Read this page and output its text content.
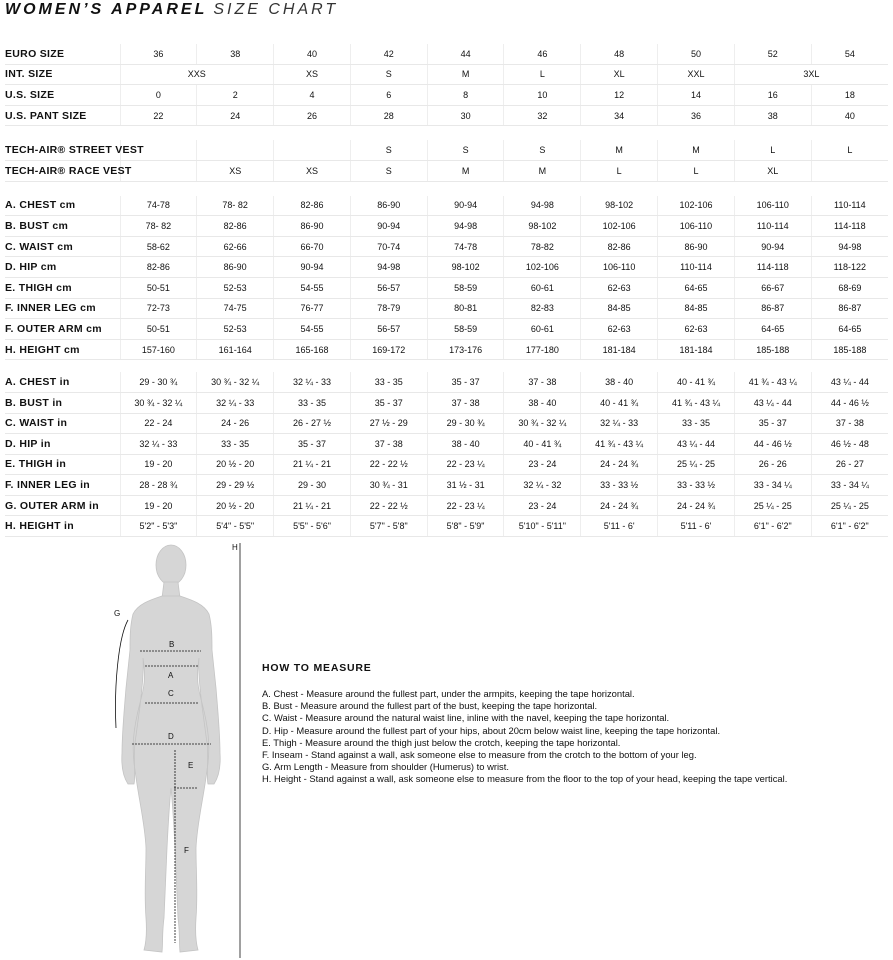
WOMEN’S APPAREL SIZE CHART
EURO SIZE	36	38	40	42	44	46	48	50	52	54
INT. SIZE	XXS		XS	S	M	L	XL	XXL	3XL	
U.S. SIZE	0	2	4	6	8	10	12	14	16	18
U.S. PANT SIZE	22	24	26	28	30	32	34	36	38	40

TECH-AIR® STREET VEST				S	S	S	M	M	L	L
TECH-AIR® RACE VEST		XS	XS	S	M	M	L	L	XL	

A. CHEST cm	74-78	78- 82	82-86	86-90	90-94	94-98	98-102	102-106	106-110	110-114
B. BUST cm	78- 82	82-86	86-90	90-94	94-98	98-102	102-106	106-110	110-114	114-118
C. WAIST cm	58-62	62-66	66-70	70-74	74-78	78-82	82-86	86-90	90-94	94-98
D. HIP cm	82-86	86-90	90-94	94-98	98-102	102-106	106-110	110-114	114-118	118-122
E. THIGH cm	50-51	52-53	54-55	56-57	58-59	60-61	62-63	64-65	66-67	68-69
F. INNER LEG cm	72-73	74-75	76-77	78-79	80-81	82-83	84-85	84-85	86-87	86-87
F. OUTER ARM cm	50-51	52-53	54-55	56-57	58-59	60-61	62-63	62-63	64-65	64-65
H. HEIGHT cm	157-160	161-164	165-168	169-172	173-176	177-180	181-184	181-184	185-188	185-188

A. CHEST in	29 - 30 ¾	30 ¾ - 32 ¼	32 ¼ - 33	33 - 35	35 - 37	37 - 38	38 - 40	40 - 41 ¾	41 ¾ - 43 ¼	43 ¼ - 44
B. BUST in	30 ¾ - 32 ¼	32 ¼ - 33	33 - 35	35 - 37	37 - 38	38 - 40	40 - 41 ¾	41 ¾ - 43 ¼	43 ¼ - 44	44 - 46 ½
C. WAIST in	22 - 24	24 - 26	26 - 27 ½	27 ½ - 29	29 - 30 ¾	30 ¾ - 32 ¼	32 ¼ - 33	33 - 35	35 - 37	37 - 38
D. HIP in	32 ¼ - 33	33 - 35	35 - 37	37 - 38	38 - 40	40 - 41 ¾	41 ¾ - 43 ¼	43 ¼ - 44	44 - 46 ½	46 ½ - 48
E. THIGH in	19 - 20	20 ½ - 20	21 ¼ - 21	22 - 22 ½	22 - 23 ¼	23 - 24	24 - 24 ¾	25 ¼ - 25	26 - 26	26 - 27
F. INNER LEG in	28 - 28 ¾	29 - 29 ½	29 - 30	30 ¾ - 31	31 ½ - 31	32 ¼ - 32	33 - 33 ½	33 - 33 ½	33 - 34 ¼	33 - 34 ¼
G. OUTER ARM in	19 - 20	20 ½ - 20	21 ¼ - 21	22 - 22 ½	22 - 23 ¼	23 - 24	24 - 24 ¾	24 - 24 ¾	25 ¼ - 25	25 ¼ - 25
H. HEIGHT in	5'2" - 5'3"	5'4" - 5'5"	5'5" - 5'6"	5'7" - 5'8"	5'8" - 5'9"	5'10" - 5'11"	5'11 - 6'	5'11 - 6'	6'1" - 6'2"	6'1" - 6'2"
B
A
C
D
E
F
G
H
HOW TO MEASURE

A. Chest - Measure around the fullest part, under the armpits, keeping the tape horizontal.

B. Bust - Measure around the fullest part of the bust, keeping the tape horizontal.

C. Waist - Measure around the natural waist line, inline with the navel, keeping the tape horizontal.

D. Hip - Measure around the fullest part of your hips, about 20cm below waist line, keeping the tape horizontal.

E. Thigh - Measure around the thigh just below the crotch, keeping the tape horizontal.

F. Inseam - Stand against a wall, ask someone else to measure from the crotch to the bottom of your leg.

G. Arm Length - Measure from shoulder (Humerus) to wrist.

H. Height - Stand against a wall, ask someone else to measure from the floor to the top of your head, keeping the tape vertical.
